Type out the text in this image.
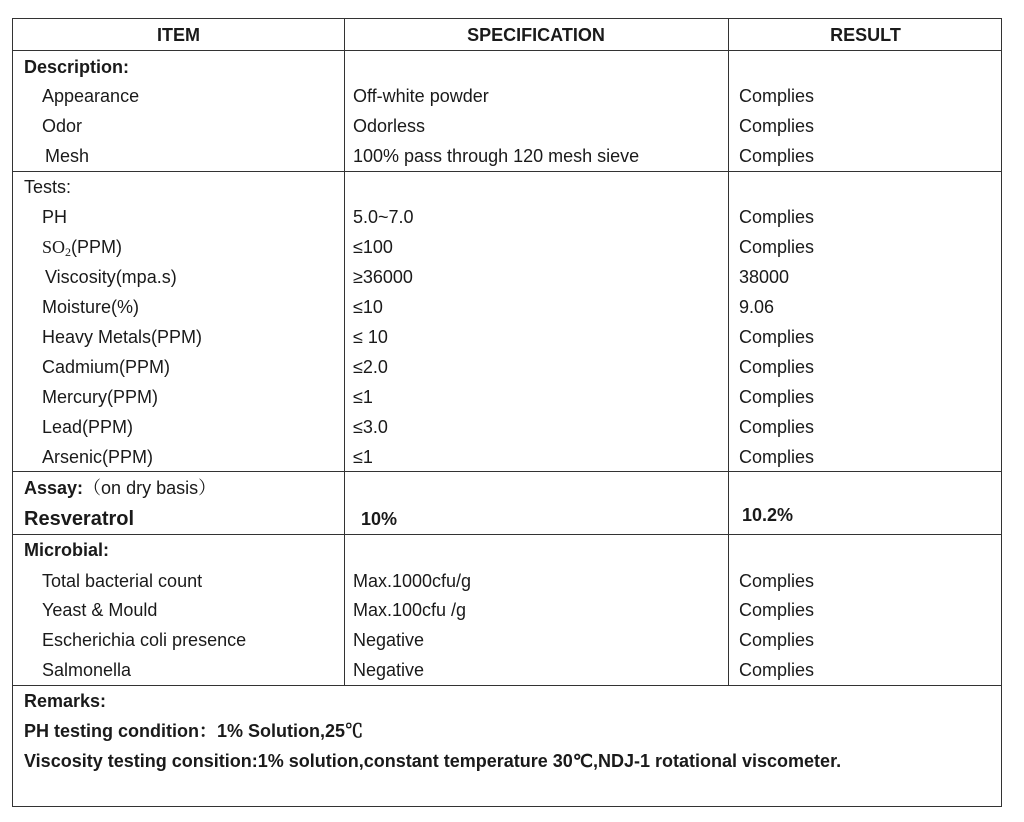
ITEM	SPECIFICATION	RESULT
Description:
Appearance	Off-white powder	Complies
Odor	Odorless	Complies
Mesh	100% pass through 120 mesh sieve	Complies
Tests:
PH	5.0~7.0	Complies
SO2(PPM)	≤100	Complies
Viscosity(mpa.s)	≥36000	38000
Moisture(%)	≤10	9.06
Heavy Metals(PPM)	≤ 10	Complies
Cadmium(PPM)	≤2.0	Complies
Mercury(PPM)	≤1	Complies
Lead(PPM)	≤3.0	Complies
Arsenic(PPM)	≤1	Complies
Assay:（on dry basis）
Resveratrol	10%	10.2%
Microbial:
Total bacterial count	Max.1000cfu/g	Complies
Yeast & Mould	Max.100cfu /g	Complies
Escherichia coli presence	Negative	Complies
Salmonella	Negative	Complies
Remarks:
PH testing condition：1% Solution,25℃
Viscosity testing consition:1% solution,constant temperature 30℃,NDJ-1 rotational viscometer.
